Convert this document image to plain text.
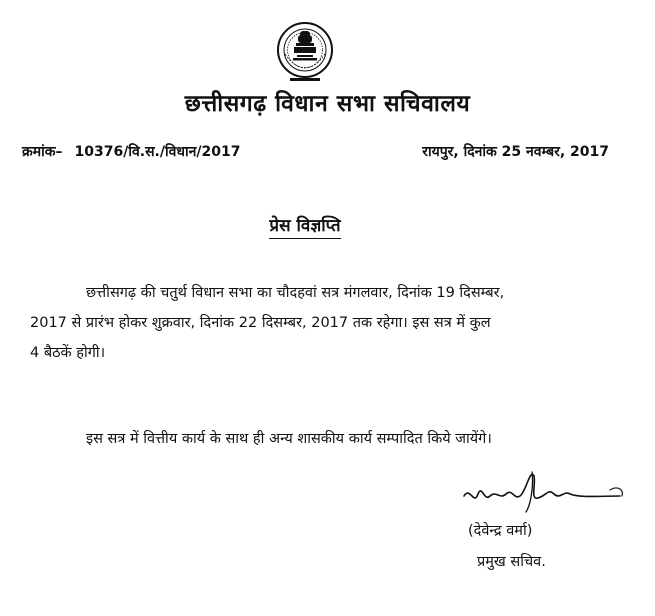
छत्तीसगढ़ विधान सभा सचिवालय
क्रमांक– 10376/वि.स./विधान/2017	रायपुर, दिनांक 25 नवम्बर, 2017
प्रेस विज्ञप्ति
छत्तीसगढ़ की चतुर्थ विधान सभा का चौदहवां सत्र मंगलवार, दिनांक 19 दिसम्बर,
2017 से प्रारंभ होकर शुक्रवार, दिनांक 22 दिसम्बर, 2017 तक रहेगा। इस सत्र में कुल
4 बैठकें होगी।
इस सत्र में वित्तीय कार्य के साथ ही अन्य शासकीय कार्य सम्पादित किये जायेंगे।
(देवेन्द्र वर्मा)
प्रमुख सचिव.
